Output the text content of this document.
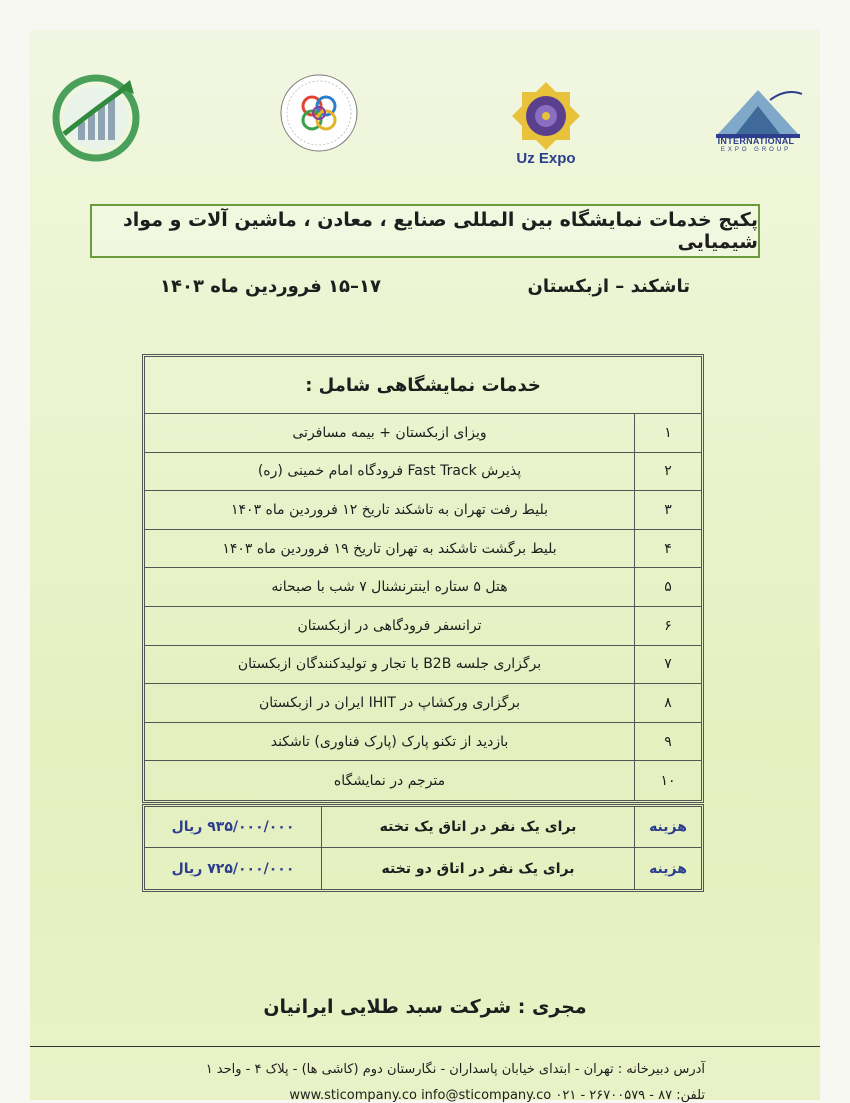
Uz Expo
INTERNATIONAL
EXPO GROUP
پکیج خدمات نمایشگاه بین المللی صنایع ، معادن ، ماشین آلات و مواد شیمیایی
تاشکند – ازبکستان
۱۷–۱۵ فروردین ماه ۱۴۰۳
خدمات نمایشگاهی شامل :
۱
ویزای ازبکستان + بیمه مسافرتی
۲
پذیرش Fast Track فرودگاه امام خمینی (ره)
۳
بلیط رفت تهران به تاشکند تاریخ ۱۲ فروردین ماه ۱۴۰۳
۴
بلیط برگشت تاشکند به تهران تاریخ ۱۹ فروردین ماه ۱۴۰۳
۵
هتل ۵ ستاره اینترنشنال ۷ شب با صبحانه
۶
ترانسفر فرودگاهی در ازبکستان
۷
برگزاری جلسه B2B با تجار و تولیدکنندگان ازبکستان
۸
برگزاری ورکشاپ در IHIT ایران در ازبکستان
۹
بازدید از تکنو پارک (پارک فناوری) تاشکند
۱۰
مترجم در نمایشگاه
هزینه
برای یک نفر در اتاق یک تخته
۹۳۵/۰۰۰/۰۰۰ ریال
هزینه
برای یک نفر در اتاق دو تخته
۷۲۵/۰۰۰/۰۰۰ ریال
مجری : شرکت سبد طلایی ایرانیان
آدرس دبیرخانه : تهران - ابتدای خیابان پاسداران - نگارستان دوم (کاشی ها) - پلاک ۴ - واحد ۱
تلفن: ۸۷ - ۲۶۷۰۰۵۷۹ - ۰۲۱ www.sticompany.co info@sticompany.co
